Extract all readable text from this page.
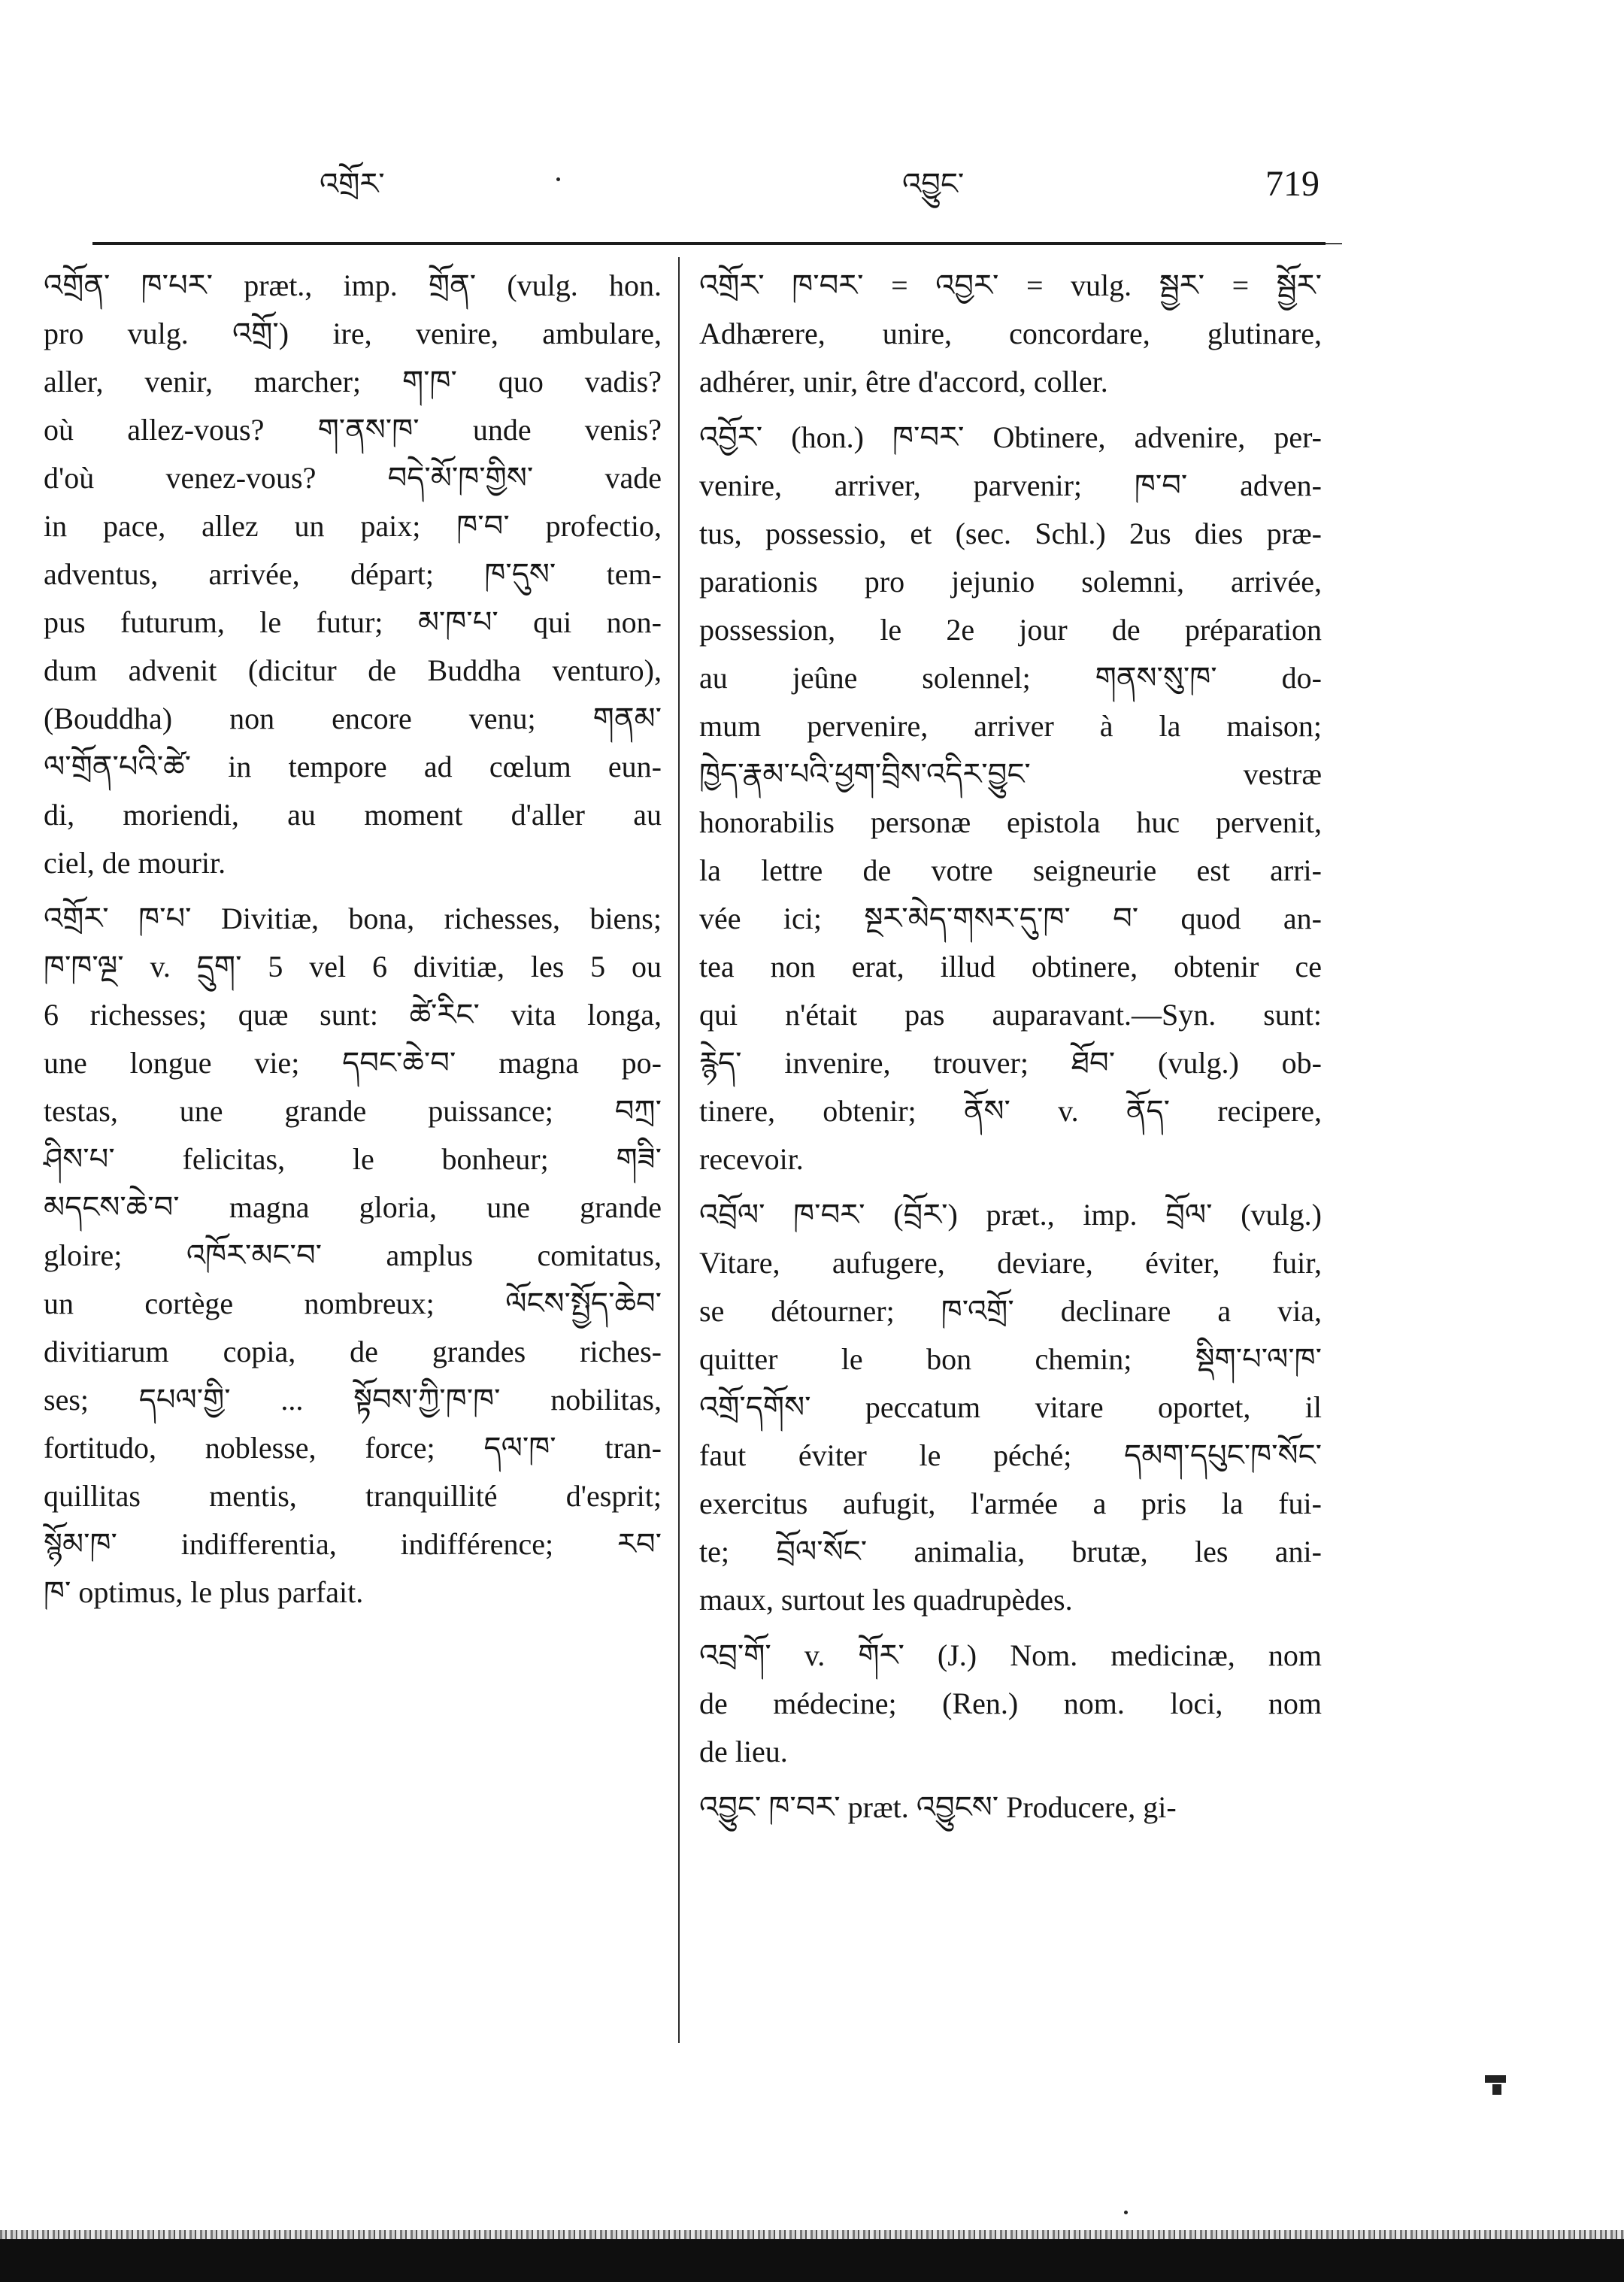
འགྲོར་	འབྱུང་	719
འགྲོན་ ཁ་པར་ præt., imp. གྲོན་ (vulg. hon.
pro vulg. འགྲོ་) ire, venire, ambulare,
aller, venir, marcher; ག་ཁ་ quo vadis?
où allez-vous? ག་ནས་ཁ་ unde venis?
d'où venez-vous? བདེ་མོ་ཁ་གྱིས་ vade
in pace, allez un paix; ཁ་བ་ profectio,
adventus, arrivée, départ; ཁ་དུས་ tem-
pus futurum, le futur; མ་ཁ་པ་ qui non-
dum advenit (dicitur de Buddha venturo),
(Bouddha) non encore venu; གནམ་
ལ་གྲོན་པའི་ཚེ་ in tempore ad cœlum eun-
di, moriendi, au moment d'aller au
ciel, de mourir.
འགྲོར་ ཁ་པ་ Divitiæ, bona, richesses, biens;
ཁ་ཁ་ལྔ་ v. དྲུག་ 5 vel 6 divitiæ, les 5 ou
6 richesses; quæ sunt: ཚེ་རིང་ vita longa,
une longue vie; དབང་ཆེ་བ་ magna po-
testas, une grande puissance; བཀྲ་
ཤིས་པ་ felicitas, le bonheur; གཟི་
མདངས་ཆེ་བ་ magna gloria, une grande
gloire; འཁོར་མང་བ་ amplus comitatus,
un cortège nombreux; ལོངས་སྤྱོད་ཆེབ་
divitiarum copia, de grandes riches-
ses; དཔལ་གྱི་ ... སྟོབས་ཀྱི་ཁ་ཁ་ nobilitas,
fortitudo, noblesse, force; དལ་ཁ་ tran-
quillitas mentis, tranquillité d'esprit;
སྙོམ་ཁ་ indifferentia, indifférence; རབ་
ཁ་ optimus, le plus parfait.
འགྲོར་ ཁ་བར་ = འབྱར་ = vulg. སྦྱར་ = སྦྱོར་
Adhærere, unire, concordare, glutinare,
adhérer, unir, être d'accord, coller.
འབྱོར་ (hon.) ཁ་བར་ Obtinere, advenire, per-
venire, arriver, parvenir; ཁ་བ་ adven-
tus, possessio, et (sec. Schl.) 2us dies præ-
parationis pro jejunio solemni, arrivée,
possession, le 2e jour de préparation
au jeûne solennel; གནས་སུ་ཁ་ do-
mum pervenire, arriver à la maison;
ཁྱེད་རྣམ་པའི་ཕྱག་བྲིས་འདིར་བྱུང་ vestræ
honorabilis personæ epistola huc pervenit,
la lettre de votre seigneurie est arri-
vée ici; སྔར་མེད་གསར་དུ་ཁ་ བ་ quod an-
tea non erat, illud obtinere, obtenir ce
qui n'était pas auparavant.—Syn. sunt:
རྙེད་ invenire, trouver; ཐོབ་ (vulg.) ob-
tinere, obtenir; ནོས་ v. ནོད་ recipere,
recevoir.
འབྲོལ་ ཁ་བར་ (བྲོར་) præt., imp. བྲོལ་ (vulg.)
Vitare, aufugere, deviare, éviter, fuir,
se détourner; ཁ་འགྲོ་ declinare a via,
quitter le bon chemin; སྡིག་པ་ལ་ཁ་
འགྲོ་དགོས་ peccatum vitare oportet, il
faut éviter le péché; དམག་དཔུང་ཁ་སོང་
exercitus aufugit, l'armée a pris la fui-
te; བྲོལ་སོང་ animalia, brutæ, les ani-
maux, surtout les quadrupèdes.
འབྲ་གོ་ v. གོར་ (J.) Nom. medicinæ, nom
de médecine; (Ren.) nom. loci, nom
de lieu.
འབྱུང་ ཁ་བར་ præt. འབྱུངས་ Producere, gi-
